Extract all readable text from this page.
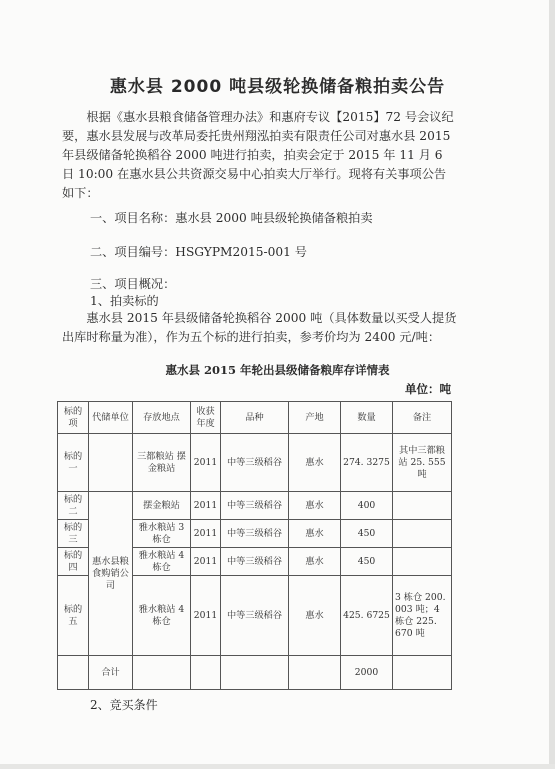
惠水县 2000 吨县级轮换储备粮拍卖公告
根据《惠水县粮食储备管理办法》和惠府专议【2015】72 号会议纪要，惠水县发展与改革局委托贵州翔泓拍卖有限责任公司对惠水县 2015 年县级储备轮换稻谷 2000 吨进行拍卖，拍卖会定于 2015 年 11 月 6 日 10:00 在惠水县公共资源交易中心拍卖大厅举行。现将有关事项公告如下：
一、项目名称：惠水县 2000 吨县级轮换储备粮拍卖
二、项目编号：HSGYPM2015-001 号
三、项目概况：
1、拍卖标的
惠水县 2015 年县级储备轮换稻谷 2000 吨（具体数量以买受人提货出库时称量为准），作为五个标的进行拍卖，参考价均为 2400 元/吨：
惠水县 2015 年轮出县级储备粮库存详情表
单位：吨
标的项	代储单位	存放地点	收获年度	品种	产地	数量	备注
标的一		三都粮站 摆金粮站	2011	中等三级稻谷	惠水	274. 3275	其中三都粮站 25. 555 吨
标的二	惠水县粮食购销公司	摆金粮站	2011	中等三级稻谷	惠水	400	
标的三		雅水粮站 3 栋仓	2011	中等三级稻谷	惠水	450	
标的四		雅水粮站 4 栋仓	2011	中等三级稻谷	惠水	450	
标的五		雅水粮站 4 栋仓	2011	中等三级稻谷	惠水	425. 6725	3 栋仓 200. 003 吨；4 栋仓 225. 670 吨
	合计					2000	
2、竞买条件
